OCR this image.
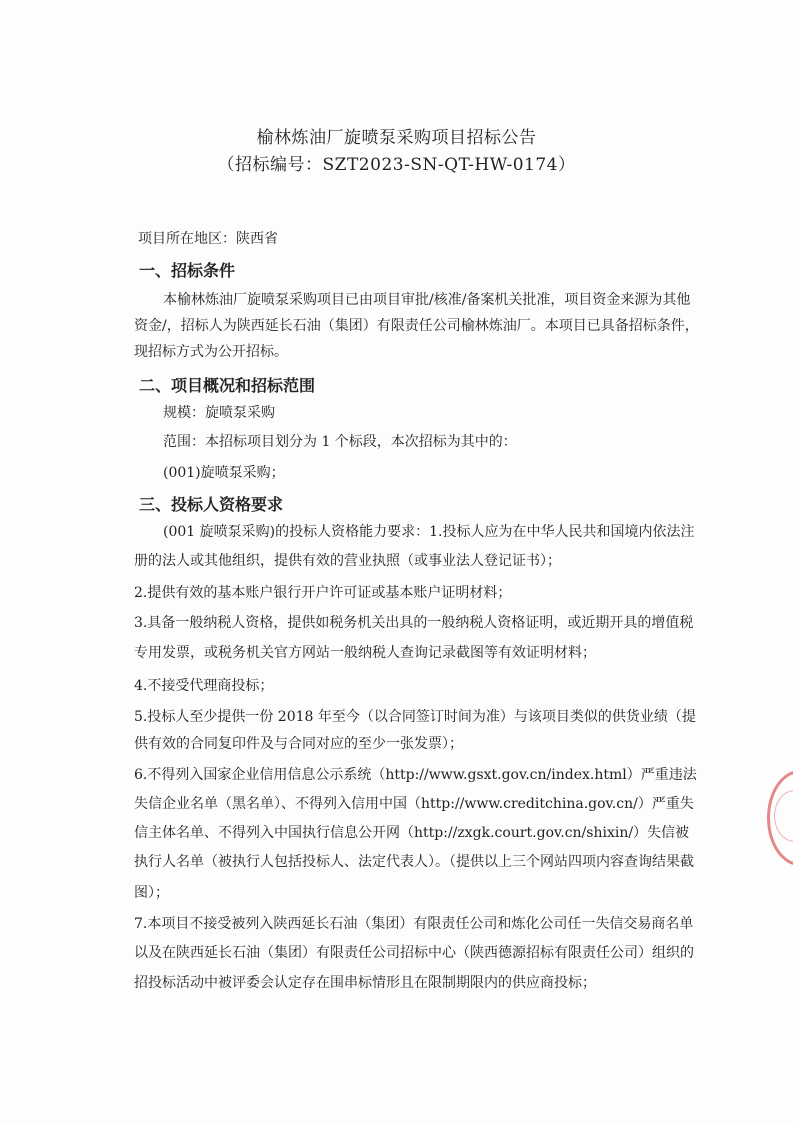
榆林炼油厂旋喷泵采购项目招标公告
（招标编号：SZT2023-SN-QT-HW-0174）
项目所在地区：陕西省
一、招标条件
本榆林炼油厂旋喷泵采购项目已由项目审批/核准/备案机关批准，项目资金来源为其他
资金/，招标人为陕西延长石油（集团）有限责任公司榆林炼油厂。本项目已具备招标条件，
现招标方式为公开招标。
二、项目概况和招标范围
规模：旋喷泵采购
范围：本招标项目划分为 1 个标段，本次招标为其中的：
(001)旋喷泵采购；
三、投标人资格要求
(001 旋喷泵采购)的投标人资格能力要求：1.投标人应为在中华人民共和国境内依法注
册的法人或其他组织，提供有效的营业执照（或事业法人登记证书）；
2.提供有效的基本账户银行开户许可证或基本账户证明材料；
3.具备一般纳税人资格，提供如税务机关出具的一般纳税人资格证明，或近期开具的增值税
专用发票，或税务机关官方网站一般纳税人查询记录截图等有效证明材料；
4.不接受代理商投标；
5.投标人至少提供一份 2018 年至今（以合同签订时间为准）与该项目类似的供货业绩（提
供有效的合同复印件及与合同对应的至少一张发票）；
6.不得列入国家企业信用信息公示系统（http://www.gsxt.gov.cn/index.html）严重违法
失信企业名单（黑名单）、不得列入信用中国（http://www.creditchina.gov.cn/）严重失
信主体名单、不得列入中国执行信息公开网（http://zxgk.court.gov.cn/shixin/）失信被
执行人名单（被执行人包括投标人、法定代表人）。（提供以上三个网站四项内容查询结果截
图）；
7.本项目不接受被列入陕西延长石油（集团）有限责任公司和炼化公司任一失信交易商名单
以及在陕西延长石油（集团）有限责任公司招标中心（陕西德源招标有限责任公司）组织的
招投标活动中被评委会认定存在围串标情形且在限制期限内的供应商投标；
